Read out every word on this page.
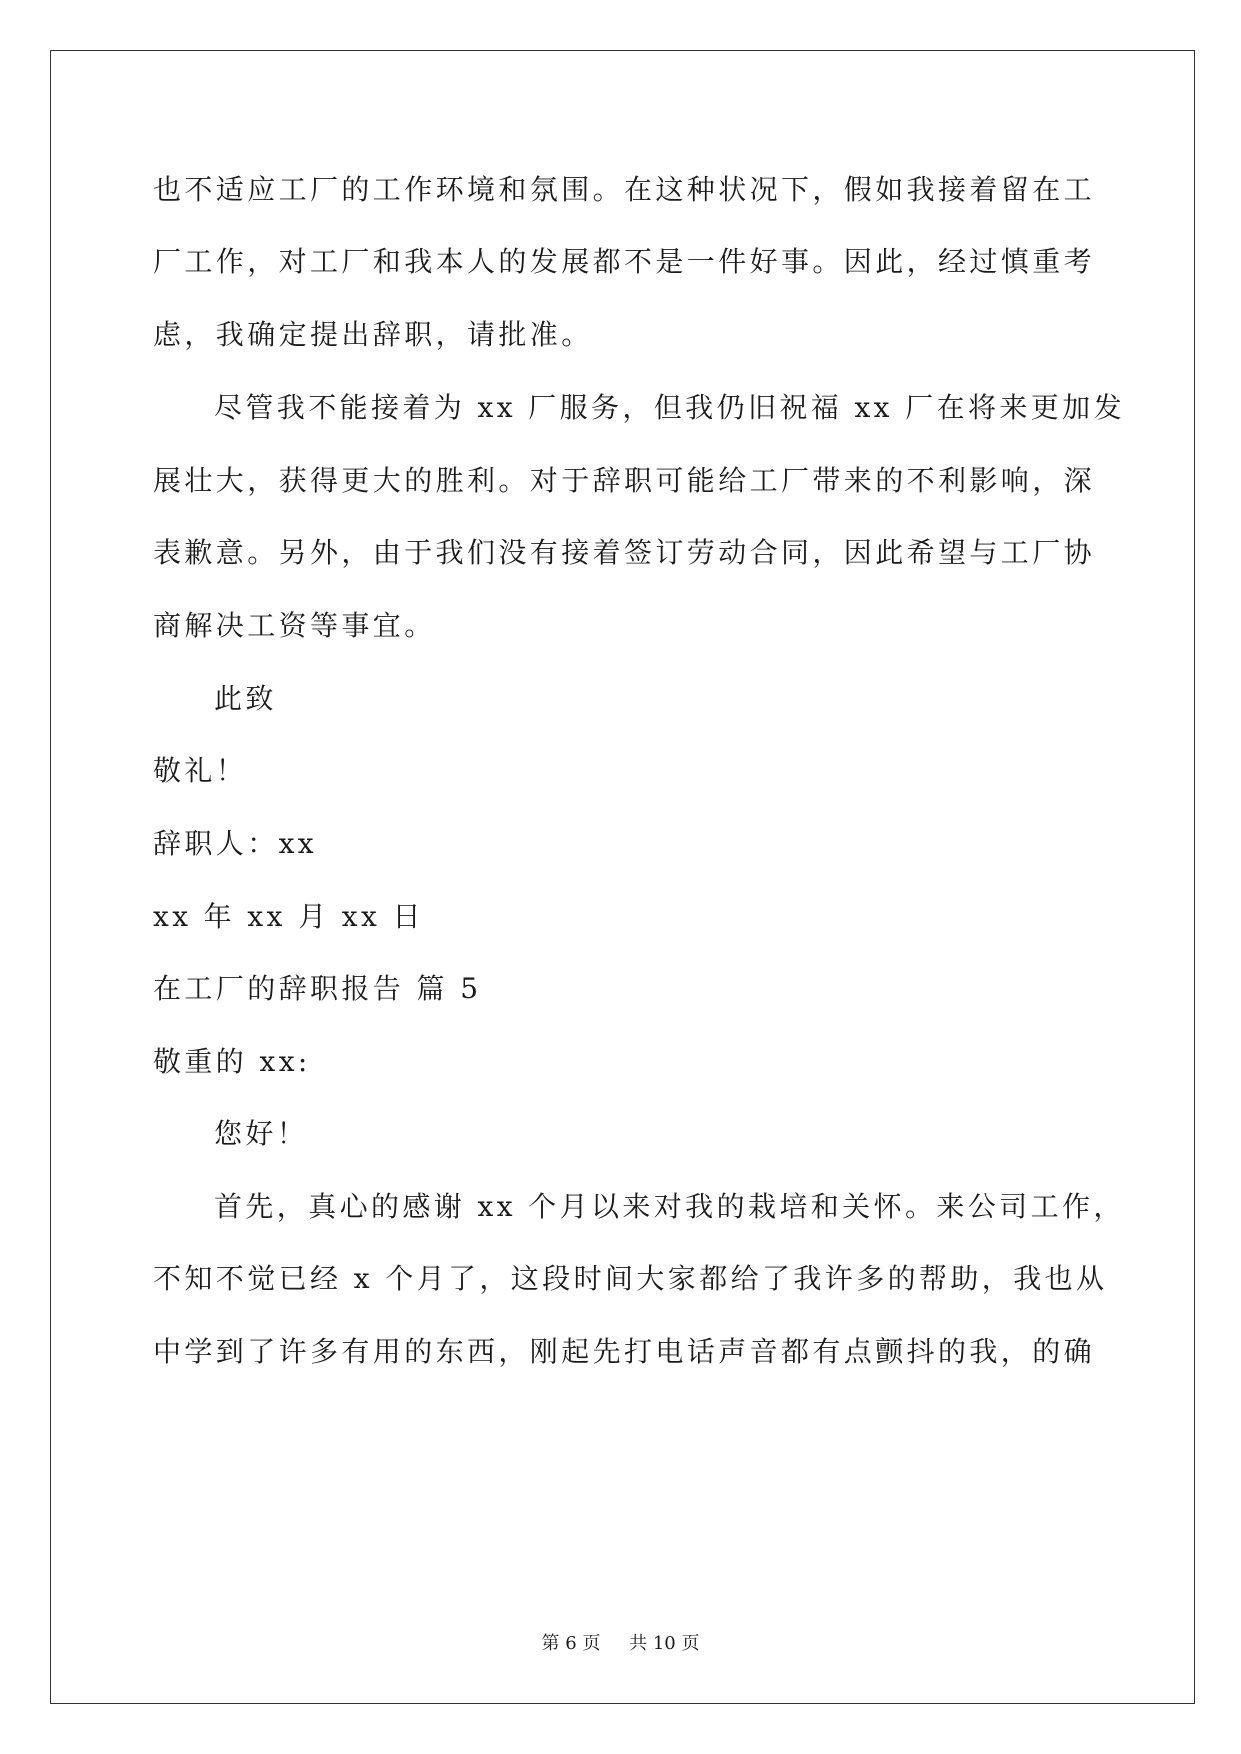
也不适应工厂的工作环境和氛围。在这种状况下，假如我接着留在工
厂工作，对工厂和我本人的发展都不是一件好事。因此，经过慎重考
虑，我确定提出辞职，请批准。
尽管我不能接着为 xx 厂服务，但我仍旧祝福 xx 厂在将来更加发
展壮大，获得更大的胜利。对于辞职可能给工厂带来的不利影响，深
表歉意。另外，由于我们没有接着签订劳动合同，因此希望与工厂协
商解决工资等事宜。
此致
敬礼！
辞职人：xx
xx 年 xx 月 xx 日
在工厂的辞职报告 篇 5
敬重的 xx:
您好！
首先，真心的感谢 xx 个月以来对我的栽培和关怀。来公司工作，
不知不觉已经 x 个月了，这段时间大家都给了我许多的帮助，我也从
中学到了许多有用的东西，刚起先打电话声音都有点颤抖的我，的确
第 6 页 共 10 页
